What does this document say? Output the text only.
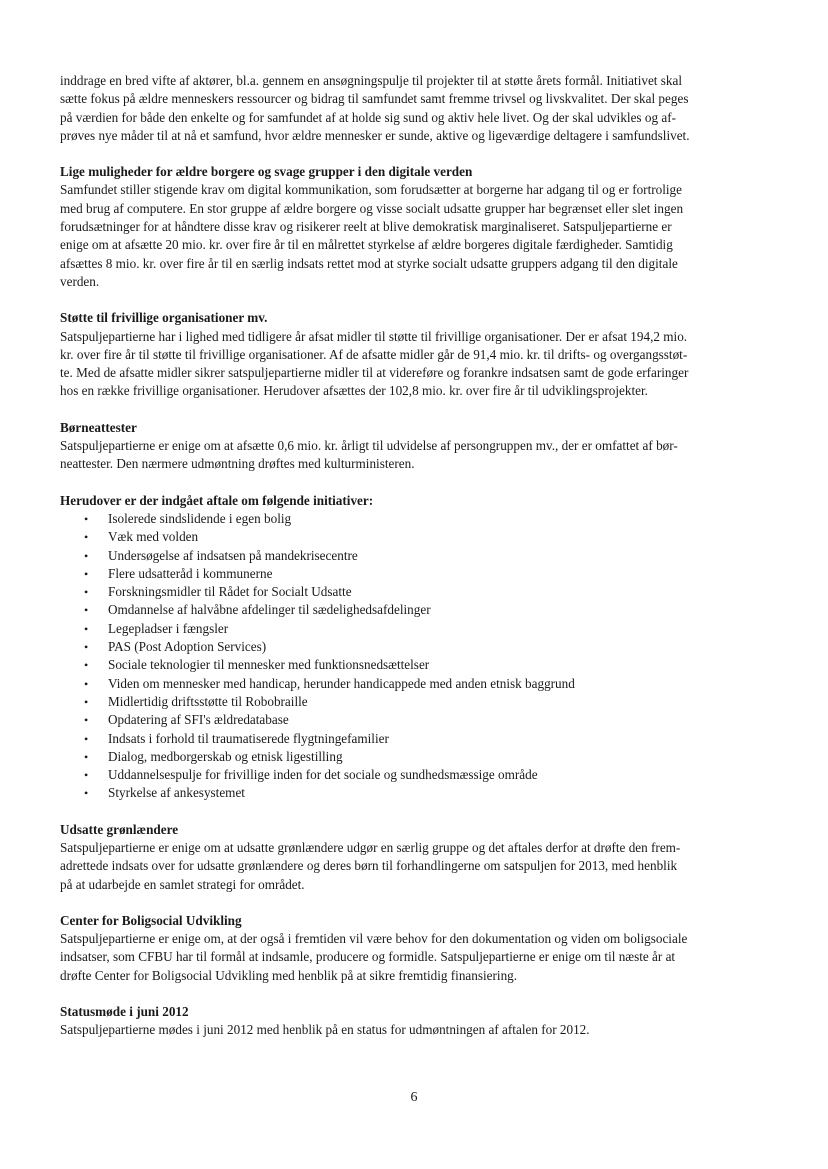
inddrage en bred vifte af aktører, bl.a. gennem en ansøgningspulje til projekter til at støtte årets formål. Initiativet skal

sætte fokus på ældre menneskers ressourcer og bidrag til samfundet samt fremme trivsel og livskvalitet. Der skal peges

på værdien for både den enkelte og for samfundet af at holde sig sund og aktiv hele livet. Og der skal udvikles og af-

prøves nye måder til at nå et samfund, hvor ældre mennesker er sunde, aktive og ligeværdige deltagere i samfundslivet.

Lige muligheder for ældre borgere og svage grupper i den digitale verden

Samfundet stiller stigende krav om digital kommunikation, som forudsætter at borgerne har adgang til og er fortrolige

med brug af computere. En stor gruppe af ældre borgere og visse socialt udsatte grupper har begrænset eller slet ingen

forudsætninger for at håndtere disse krav og risikerer reelt at blive demokratisk marginaliseret. Satspuljepartierne er

enige om at afsætte 20 mio. kr. over fire år til en målrettet styrkelse af ældre borgeres digitale færdigheder. Samtidig

afsættes 8 mio. kr. over fire år til en særlig indsats rettet mod at styrke socialt udsatte gruppers adgang til den digitale

verden.

Støtte til frivillige organisationer mv.

Satspuljepartierne har i lighed med tidligere år afsat midler til støtte til frivillige organisationer. Der er afsat 194,2 mio.

kr. over fire år til støtte til frivillige organisationer. Af de afsatte midler går de 91,4 mio. kr. til drifts- og overgangsstøt-

te. Med de afsatte midler sikrer satspuljepartierne midler til at videreføre og forankre indsatsen samt de gode erfaringer

hos en række frivillige organisationer. Herudover afsættes der 102,8 mio. kr. over fire år til udviklingsprojekter.

Børneattester

Satspuljepartierne er enige om at afsætte 0,6 mio. kr. årligt til udvidelse af persongruppen mv., der er omfattet af bør-

neattester. Den nærmere udmøntning drøftes med kulturministeren.

Herudover er der indgået aftale om følgende initiativer:

• Isolerede sindslidende i egen bolig
• Væk med volden
• Undersøgelse af indsatsen på mandekrisecentre
• Flere udsatteråd i kommunerne
• Forskningsmidler til Rådet for Socialt Udsatte
• Omdannelse af halvåbne afdelinger til sædelighedsafdelinger
• Legepladser i fængsler
• PAS (Post Adoption Services)
• Sociale teknologier til mennesker med funktionsnedsættelser
• Viden om mennesker med handicap, herunder handicappede med anden etnisk baggrund
• Midlertidig driftsstøtte til Robobraille
• Opdatering af SFI's ældredatabase
• Indsats i forhold til traumatiserede flygtningefamilier
• Dialog, medborgerskab og etnisk ligestilling
• Uddannelsespulje for frivillige inden for det sociale og sundhedsmæssige område
• Styrkelse af ankesystemet

Udsatte grønlændere

Satspuljepartierne er enige om at udsatte grønlændere udgør en særlig gruppe og det aftales derfor at drøfte den frem-

adrettede indsats over for udsatte grønlændere og deres børn til forhandlingerne om satspuljen for 2013, med henblik

på at udarbejde en samlet strategi for området.

Center for Boligsocial Udvikling

Satspuljepartierne er enige om, at der også i fremtiden vil være behov for den dokumentation og viden om boligsociale

indsatser, som CFBU har til formål at indsamle, producere og formidle. Satspuljepartierne er enige om til næste år at

drøfte Center for Boligsocial Udvikling med henblik på at sikre fremtidig finansiering.

Statusmøde i juni 2012

Satspuljepartierne mødes i juni 2012 med henblik på en status for udmøntningen af aftalen for 2012.

6
